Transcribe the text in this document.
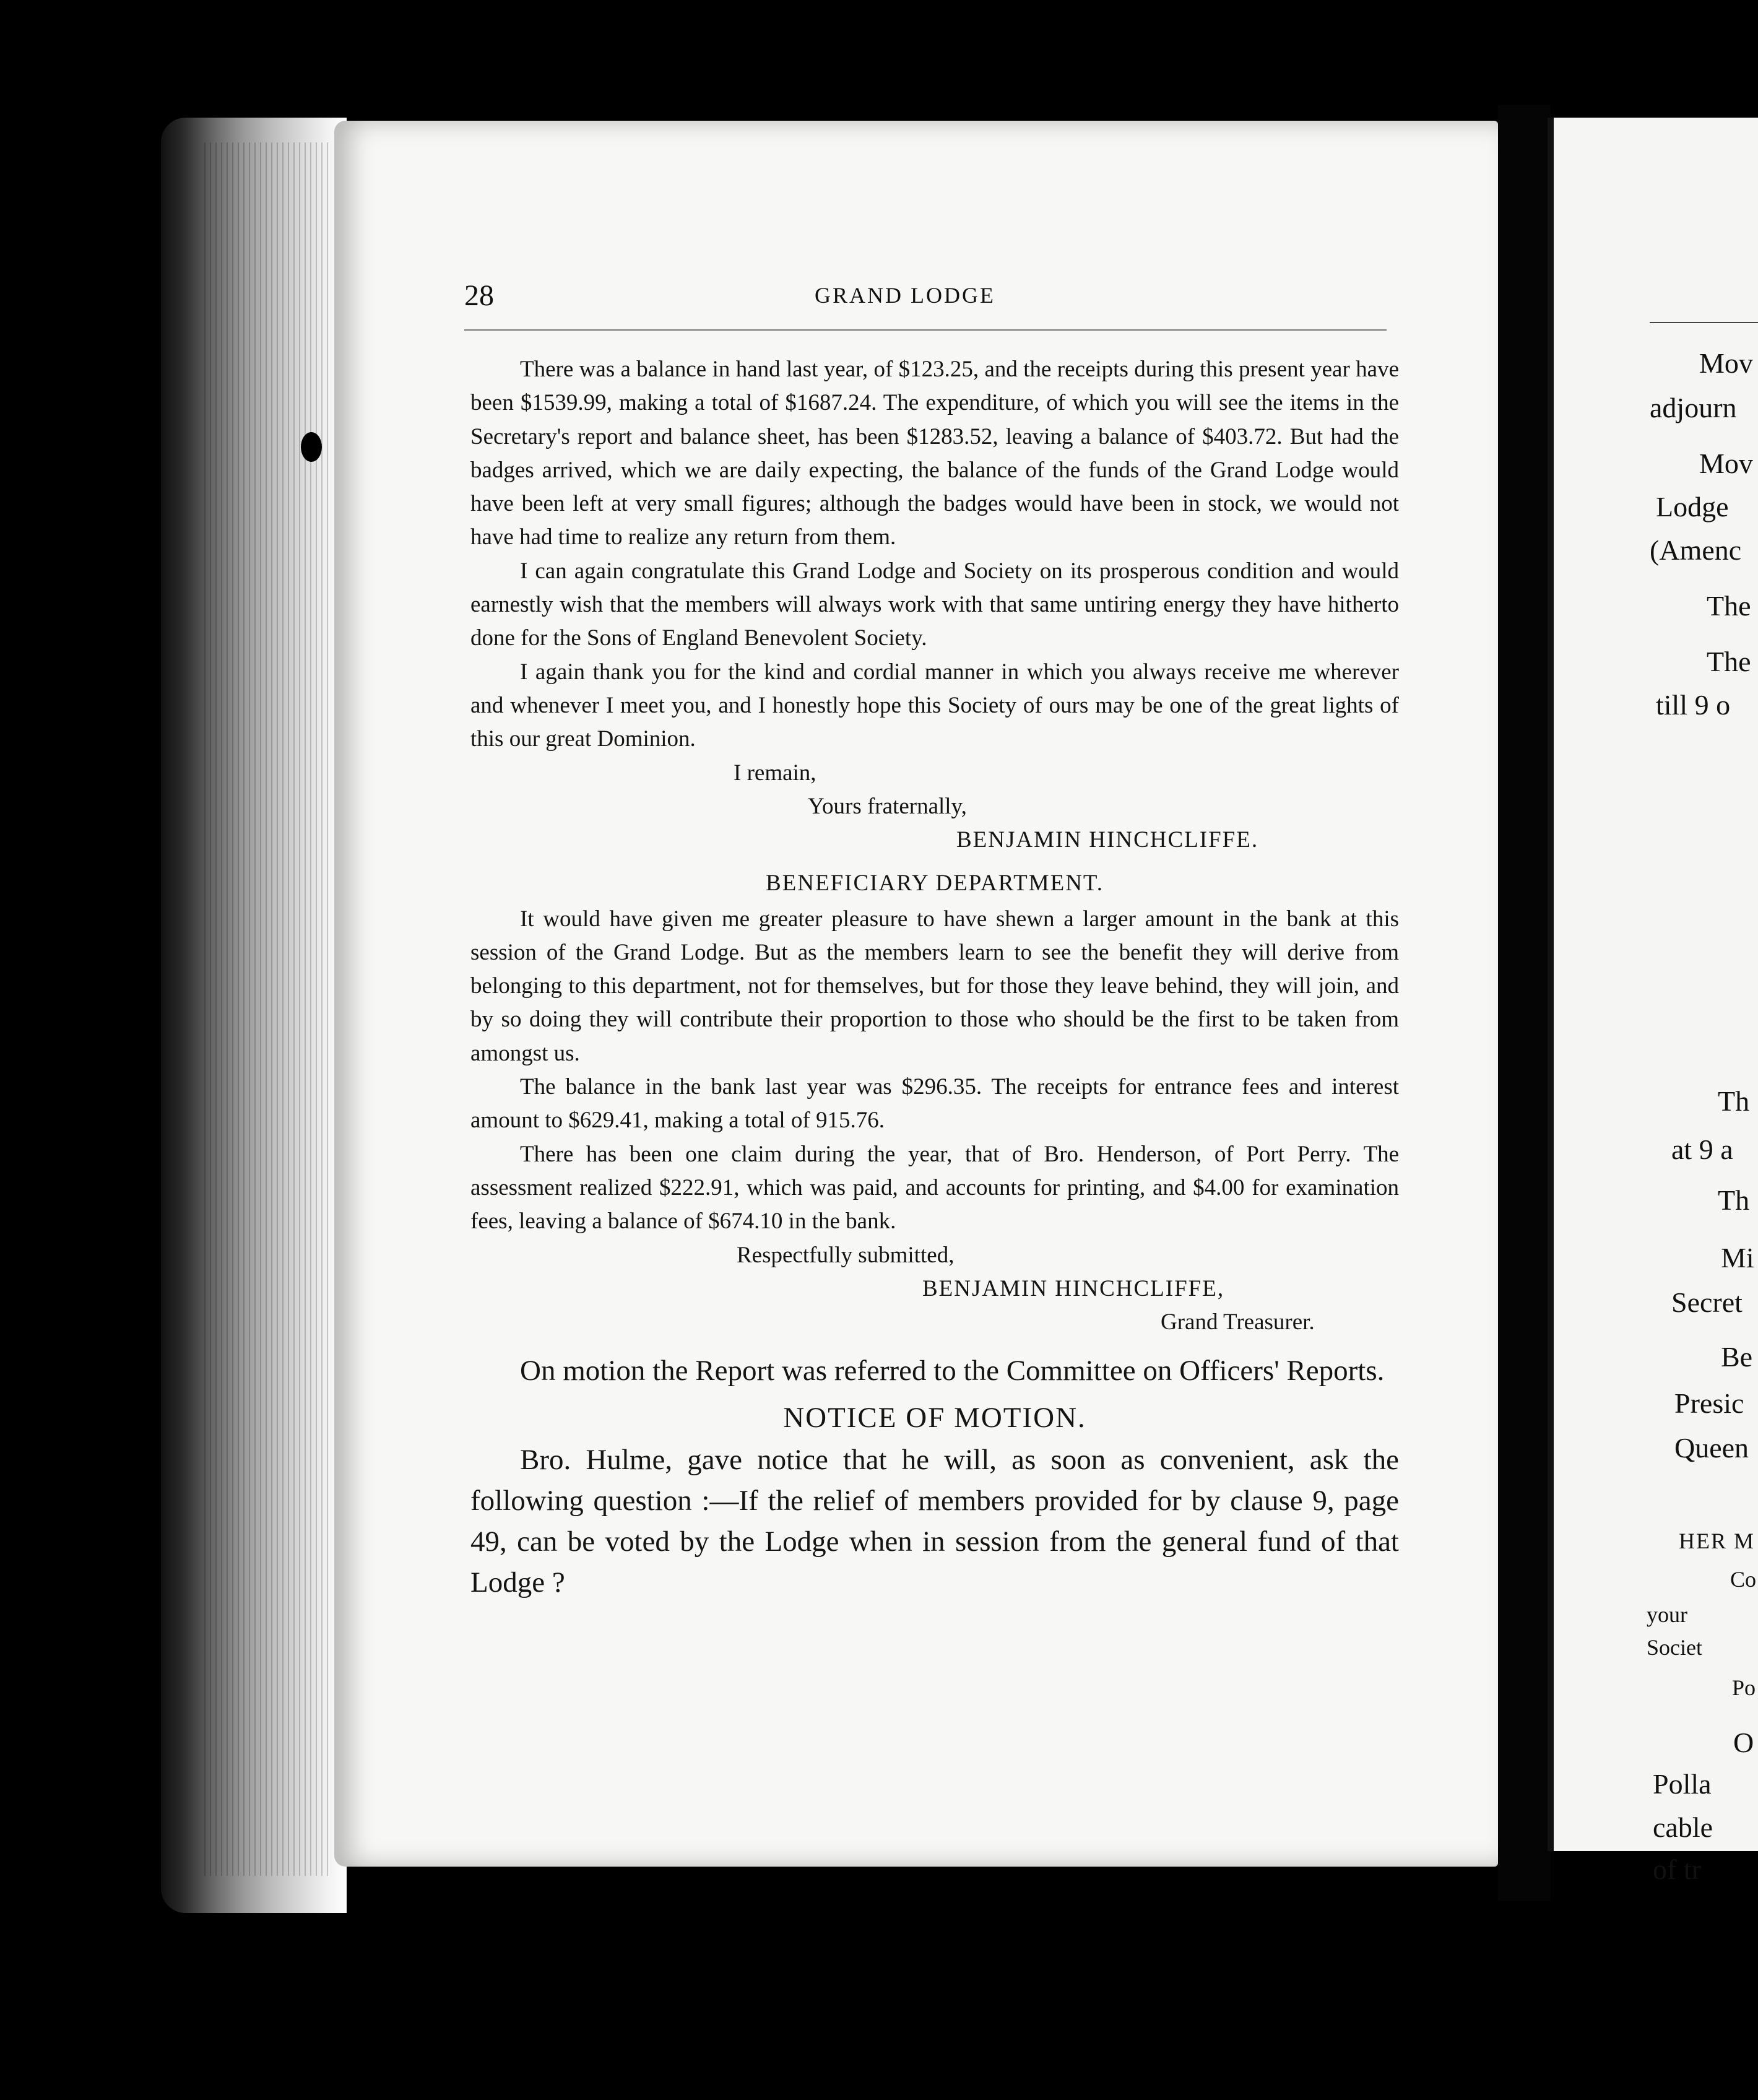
28	GRAND LODGE

There was a balance in hand last year, of $123.25, and the receipts during this present year have been $1539.99, making a total of $1687.24. The expenditure, of which you will see the items in the Secretary's report and balance sheet, has been $1283.52, leaving a balance of $403.72. But had the badges arrived, which we are daily expecting, the balance of the funds of the Grand Lodge would have been left at very small figures; although the badges would have been in stock, we would not have had time to realize any return from them.

I can again congratulate this Grand Lodge and Society on its prosperous condition and would earnestly wish that the members will always work with that same untiring energy they have hitherto done for the Sons of England Benevolent Society.

I again thank you for the kind and cordial manner in which you always receive me wherever and whenever I meet you, and I honestly hope this Society of ours may be one of the great lights of this our great Dominion.

I remain,

Yours fraternally,

BENJAMIN HINCHCLIFFE.

BENEFICIARY DEPARTMENT.

It would have given me greater pleasure to have shewn a larger amount in the bank at this session of the Grand Lodge. But as the members learn to see the benefit they will derive from belonging to this department, not for themselves, but for those they leave behind, they will join, and by so doing they will contribute their proportion to those who should be the first to be taken from amongst us.

The balance in the bank last year was $296.35. The receipts for entrance fees and interest amount to $629.41, making a total of 915.76.

There has been one claim during the year, that of Bro. Henderson, of Port Perry. The assessment realized $222.91, which was paid, and accounts for printing, and $4.00 for examination fees, leaving a balance of $674.10 in the bank.

Respectfully submitted,

BENJAMIN HINCHCLIFFE,

Grand Treasurer.

On motion the Report was referred to the Committee on Officers' Reports.

NOTICE OF MOTION.

Bro. Hulme, gave notice that he will, as soon as convenient, ask the following question :—If the relief of members provided for by clause 9, page 49, can be voted by the Lodge when in session from the general fund of that Lodge ?

Mov
adjourn
Mov
Lodge
(Amenc
The
The
till 9 o
Th
at 9 a
Th
Mi
Secret
Be
Presic
Queen
HER M
Co
your
Societ
Po
O
Polla
cable
of tr
